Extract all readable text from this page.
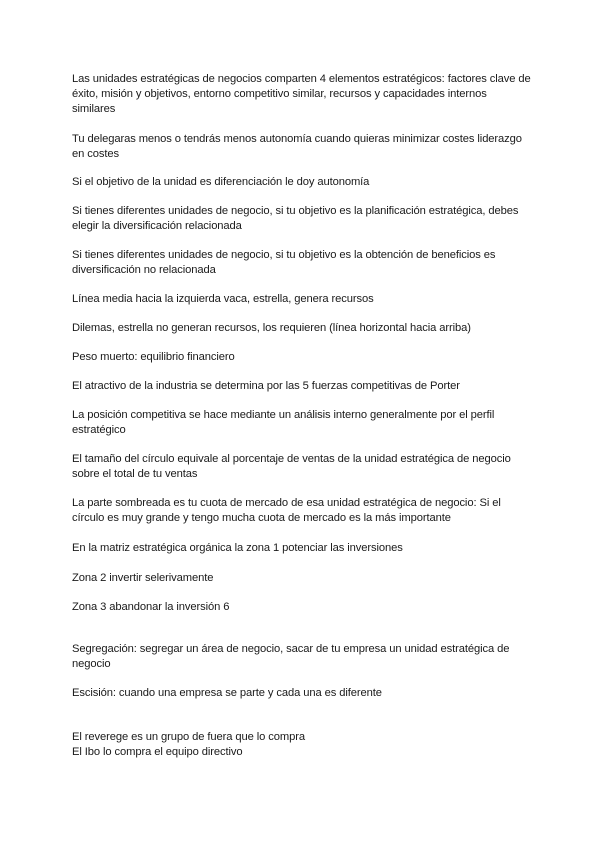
Las unidades estratégicas de negocios comparten 4 elementos estratégicos: factores clave de éxito, misión y objetivos, entorno competitivo similar, recursos y capacidades internos similares
Tu delegaras menos o tendrás menos autonomía cuando quieras minimizar costes liderazgo en costes
Si el objetivo de la unidad es diferenciación le doy autonomía
Si tienes diferentes unidades de negocio, si tu objetivo es la planificación estratégica, debes elegir la diversificación relacionada
Si tienes diferentes unidades de negocio, si tu objetivo es la obtención de beneficios es diversificación no relacionada
Línea media hacia la izquierda vaca, estrella, genera recursos
Dilemas, estrella no generan recursos, los requieren (línea horizontal hacia arriba)
Peso muerto: equilibrio financiero
El atractivo de la industria se determina por las 5 fuerzas competitivas de Porter
La posición competitiva se hace mediante un análisis interno generalmente por el perfil estratégico
El tamaño del círculo equivale al porcentaje de ventas de la unidad estratégica de negocio sobre el total de tu ventas
La parte sombreada es tu cuota de mercado de esa unidad estratégica de negocio: Si el círculo es muy grande y tengo mucha cuota de mercado es la más importante
En la matriz estratégica orgánica la zona 1 potenciar las inversiones
Zona 2 invertir selerivamente
Zona 3 abandonar la inversión 6
Segregación: segregar un área de negocio, sacar de tu empresa un unidad estratégica de negocio
Escisión: cuando una empresa se parte y cada una es diferente
El reverege es un grupo de fuera que lo compra
El Ibo lo compra el equipo directivo
